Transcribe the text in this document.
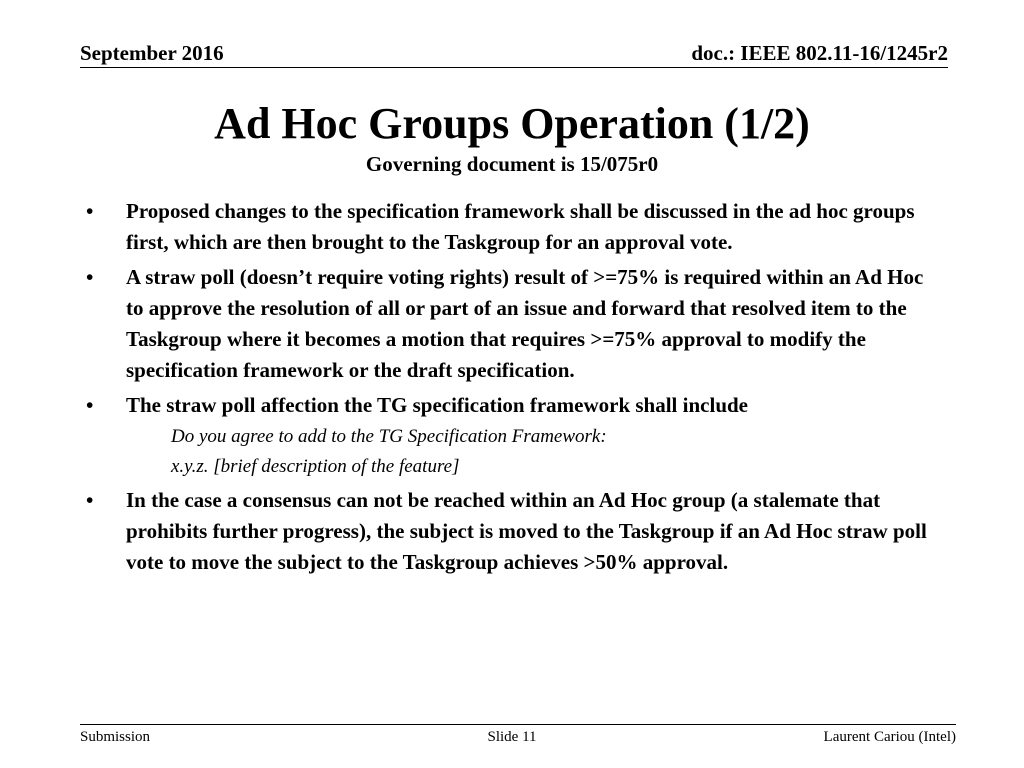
September 2016	doc.: IEEE 802.11-16/1245r2
Ad Hoc Groups Operation (1/2)
Governing document is 15/075r0
•	Proposed changes to the specification framework shall be discussed in the ad hoc groups first, which are then brought to the Taskgroup for an approval vote.
•	A straw poll (doesn’t require voting rights) result of >=75% is required within an Ad Hoc to approve the resolution of all or part of an issue and forward that resolved item to the Taskgroup where it becomes a motion that requires >=75% approval to modify the specification framework or the draft specification.
•	The straw poll affection the TG specification framework shall include
Do you agree to add to the TG Specification Framework:
x.y.z. [brief description of the feature]
•	In the case a consensus can not be reached within an Ad Hoc group (a stalemate that prohibits further progress), the subject is moved to the Taskgroup if an Ad Hoc straw poll vote to move the subject to the Taskgroup achieves >50% approval.
Submission	Slide 11	Laurent Cariou (Intel)
